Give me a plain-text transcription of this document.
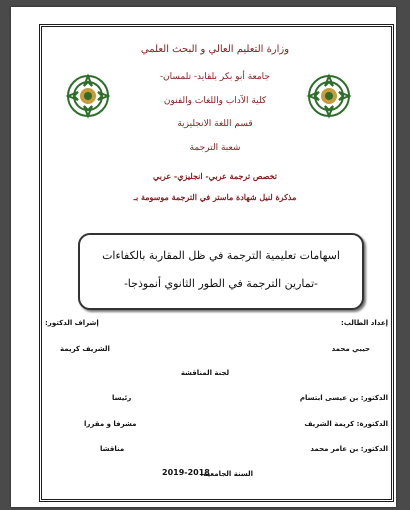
وزارة التعليم العالي و البحث العلمي
جامعة أبو بكر بلقايد- تلمسان-
كلية الآداب واللغات والفنون
قسم اللغة الانجليزية
شعبة الترجمة
تخصص ترجمة عربي- انجليزي- عربي
مذكرة لنيل شهادة ماستر في الترجمة موسومة بـ
اسهامات تعليمية الترجمة في ظل المقاربة بالكفاءات
-تمارين الترجمة في الطور الثانوي أنموذجا-
إعداد الطالب:
إشراف الدكتور:
حيبي محمد
الشريف كريمة
لجنة المناقشة
الدكتور: بن عيسى ابتسام
رئيسا
الدكتورة: كريمة الشريف
مشرفا و مقررا
الدكتور: بن عامر محمد
مناقشا
السنة الجامعية:
2019-2018
